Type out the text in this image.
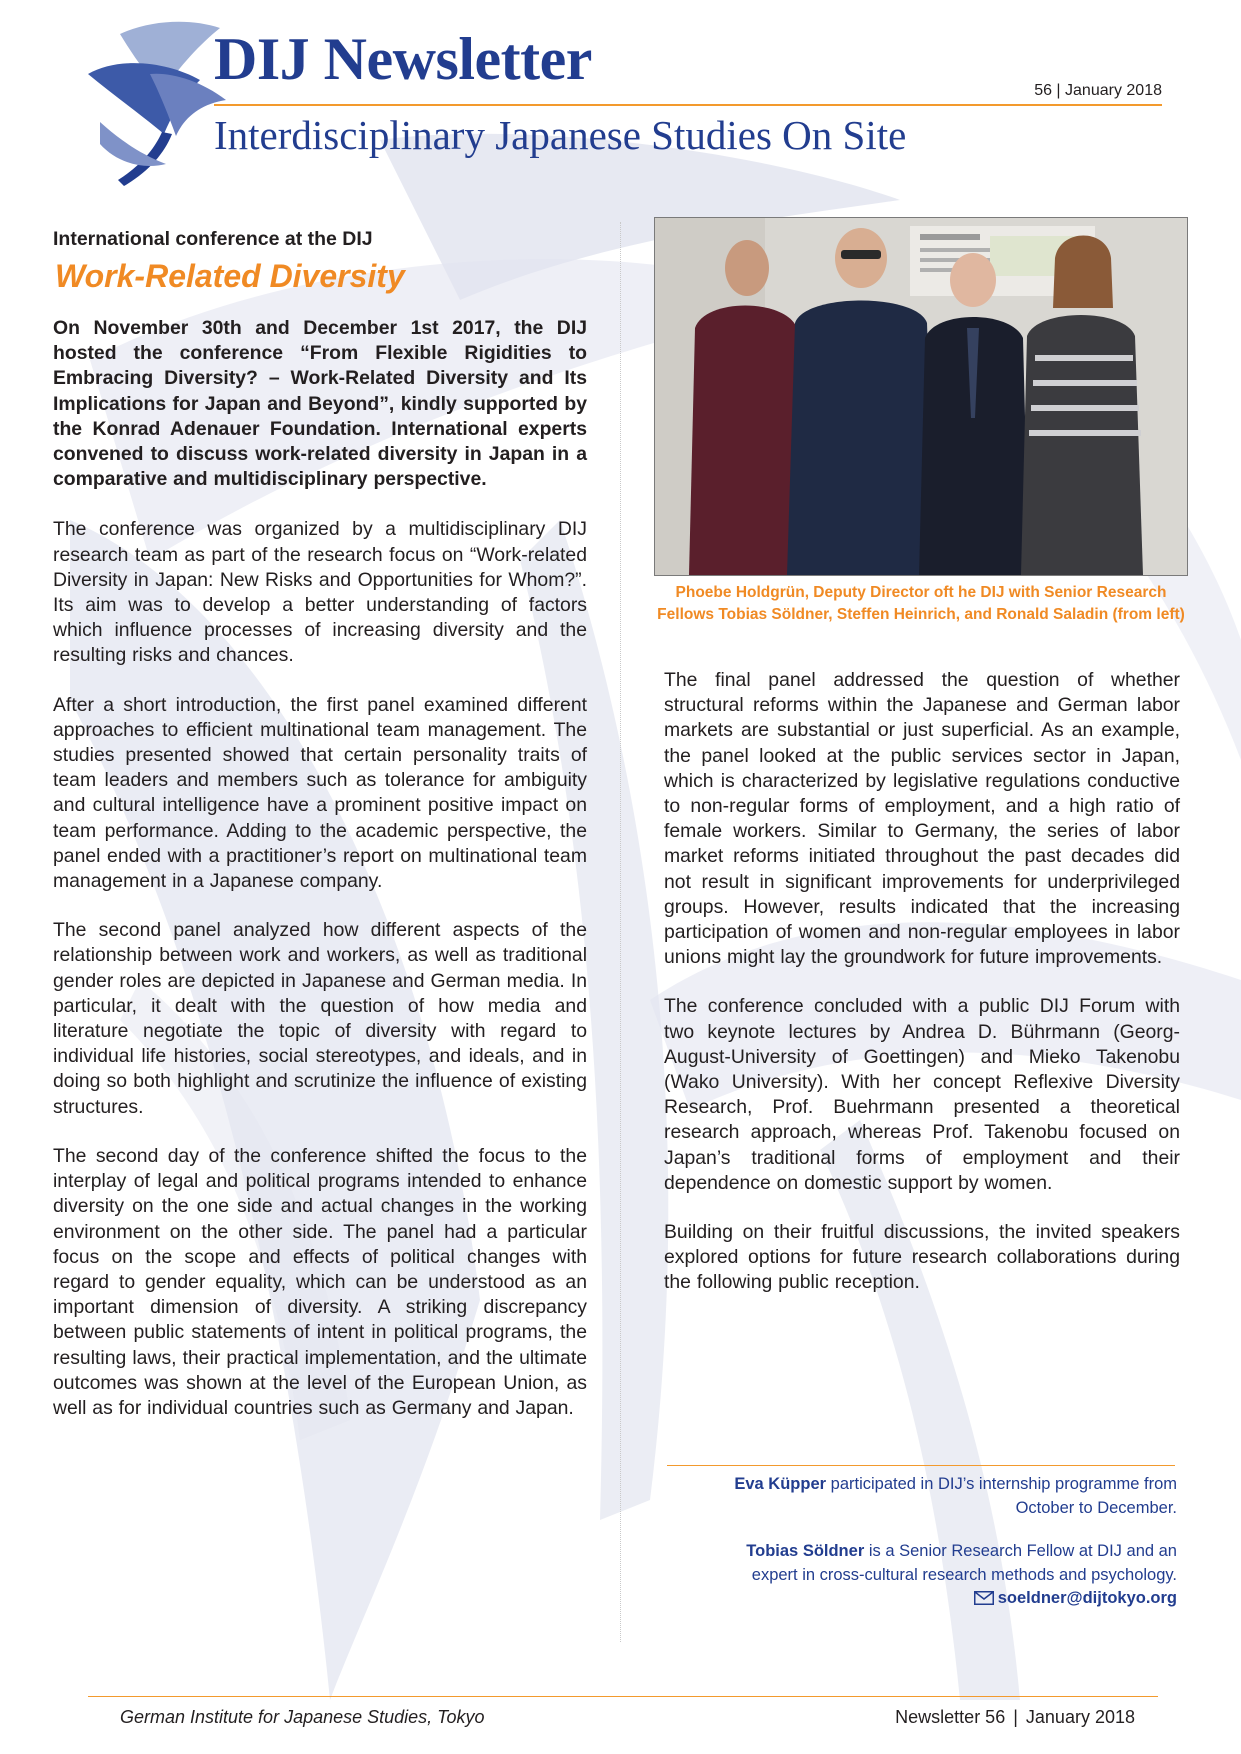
DIJ Newsletter	56 | January 2018
Interdisciplinary Japanese Studies On Site
International conference at the DIJ
Work-Related Diversity

On November 30th and December 1st 2017, the DIJ hosted the conference “From Flexible Rigidities to Embracing Diversity? – Work-Related Diversity and Its Implications for Japan and Beyond”, kindly supported by the Konrad Adenauer Foundation. International experts convened to discuss work-related diversity in Japan in a comparative and multidisciplinary perspective.

The conference was organized by a multidisciplinary DIJ research team as part of the research focus on “Work-related Diversity in Japan: New Risks and Opportunities for Whom?”. Its aim was to develop a better understanding of factors which influence processes of increasing diversity and the resulting risks and chances.

After a short introduction, the first panel examined different approaches to efficient multinational team management. The studies presented showed that certain personality traits of team leaders and members such as tolerance for ambiguity and cultural intelligence have a prominent positive impact on team performance. Adding to the academic perspective, the panel ended with a practitioner’s report on multinational team management in a Japanese company.

The second panel analyzed how different aspects of the relationship between work and workers, as well as traditional gender roles are depicted in Japanese and German media. In particular, it dealt with the question of how media and literature negotiate the topic of diversity with regard to individual life histories, social stereotypes, and ideals, and in doing so both highlight and scrutinize the influence of existing structures.

The second day of the conference shifted the focus to the interplay of legal and political programs intended to enhance diversity on the one side and actual changes in the working environment on the other side. The panel had a particular focus on the scope and effects of political changes with regard to gender equality, which can be understood as an important dimension of diversity. A striking discrepancy between public statements of intent in political programs, the resulting laws, their practical implementation, and the ultimate outcomes was shown at the level of the European Union, as well as for individual countries such as Germany and Japan.

Phoebe Holdgrün, Deputy Director oft he DIJ with Senior Research Fellows Tobias Söldner, Steffen Heinrich, and Ronald Saladin (from left)

The final panel addressed the question of whether structural reforms within the Japanese and German labor markets are substantial or just superficial. As an example, the panel looked at the public services sector in Japan, which is characterized by legislative regulations conductive to non-regular forms of employment, and a high ratio of female workers. Similar to Germany, the series of labor market reforms initiated throughout the past decades did not result in significant improvements for underprivileged groups. However, results indicated that the increasing participation of women and non-regular employees in labor unions might lay the groundwork for future improvements.

The conference concluded with a public DIJ Forum with two keynote lectures by Andrea D. Bührmann (Georg-August-University of Goettingen) and Mieko Takenobu (Wako University). With her concept Reflexive Diversity Research, Prof. Buehrmann presented a theoretical research approach, whereas Prof. Takenobu focused on Japan’s traditional forms of employment and their dependence on domestic support by women.

Building on their fruitful discussions, the invited speakers explored options for future research collaborations during the following public reception.

Eva Küpper participated in DIJ’s internship programme from October to December.

Tobias Söldner is a Senior Research Fellow at DIJ and an expert in cross-cultural research methods and psychology.

soeldner@dijtokyo.org
German Institute for Japanese Studies, Tokyo	Newsletter 56 | January 2018
